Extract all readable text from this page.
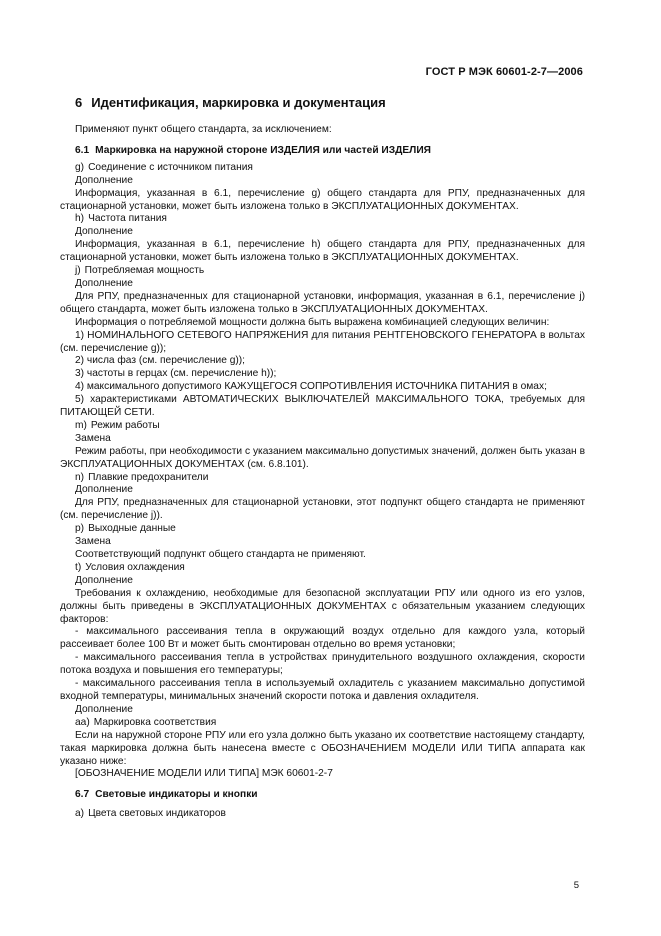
ГОСТ Р МЭК 60601-2-7—2006
6 Идентификация, маркировка и документация
Применяют пункт общего стандарта, за исключением:
6.1 Маркировка на наружной стороне ИЗДЕЛИЯ или частей ИЗДЕЛИЯ
g) Соединение с источником питания
Дополнение
Информация, указанная в 6.1, перечисление g) общего стандарта для РПУ, предназначенных для стационарной установки, может быть изложена только в ЭКСПЛУАТАЦИОННЫХ ДОКУМЕНТАХ.
h) Частота питания
Дополнение
Информация, указанная в 6.1, перечисление h) общего стандарта для РПУ, предназначенных для стационарной установки, может быть изложена только в ЭКСПЛУАТАЦИОННЫХ ДОКУМЕНТАХ.
j) Потребляемая мощность
Дополнение
Для РПУ, предназначенных для стационарной установки, информация, указанная в 6.1, перечисление j) общего стандарта, может быть изложена только в ЭКСПЛУАТАЦИОННЫХ ДОКУМЕНТАХ.
Информация о потребляемой мощности должна быть выражена комбинацией следующих величин:
1) НОМИНАЛЬНОГО СЕТЕВОГО НАПРЯЖЕНИЯ для питания РЕНТГЕНОВСКОГО ГЕНЕРАТОРА в вольтах (см. перечисление g));
2) числа фаз (см. перечисление g));
3) частоты в герцах (см. перечисление h));
4) максимального допустимого КАЖУЩЕГОСЯ СОПРОТИВЛЕНИЯ ИСТОЧНИКА ПИТАНИЯ в омах;
5) характеристиками АВТОМАТИЧЕСКИХ ВЫКЛЮЧАТЕЛЕЙ МАКСИМАЛЬНОГО ТОКА, требуемых для ПИТАЮЩЕЙ СЕТИ.
m) Режим работы
Замена
Режим работы, при необходимости с указанием максимально допустимых значений, должен быть указан в ЭКСПЛУАТАЦИОННЫХ ДОКУМЕНТАХ (см. 6.8.101).
n) Плавкие предохранители
Дополнение
Для РПУ, предназначенных для стационарной установки, этот подпункт общего стандарта не применяют (см. перечисление j)).
p) Выходные данные
Замена
Соответствующий подпункт общего стандарта не применяют.
t) Условия охлаждения
Дополнение
Требования к охлаждению, необходимые для безопасной эксплуатации РПУ или одного из его узлов, должны быть приведены в ЭКСПЛУАТАЦИОННЫХ ДОКУМЕНТАХ с обязательным указанием следующих факторов:
- максимального рассеивания тепла в окружающий воздух отдельно для каждого узла, который рассеивает более 100 Вт и может быть смонтирован отдельно во время установки;
- максимального рассеивания тепла в устройствах принудительного воздушного охлаждения, скорости потока воздуха и повышения его температуры;
- максимального рассеивания тепла в используемый охладитель с указанием максимально допустимой входной температуры, минимальных значений скорости потока и давления охладителя.
Дополнение
аа) Маркировка соответствия
Если на наружной стороне РПУ или его узла должно быть указано их соответствие настоящему стандарту, такая маркировка должна быть нанесена вместе с ОБОЗНАЧЕНИЕМ МОДЕЛИ ИЛИ ТИПА аппарата как указано ниже:
[ОБОЗНАЧЕНИЕ МОДЕЛИ ИЛИ ТИПА] МЭК 60601-2-7
6.7 Световые индикаторы и кнопки
а) Цвета световых индикаторов
5
